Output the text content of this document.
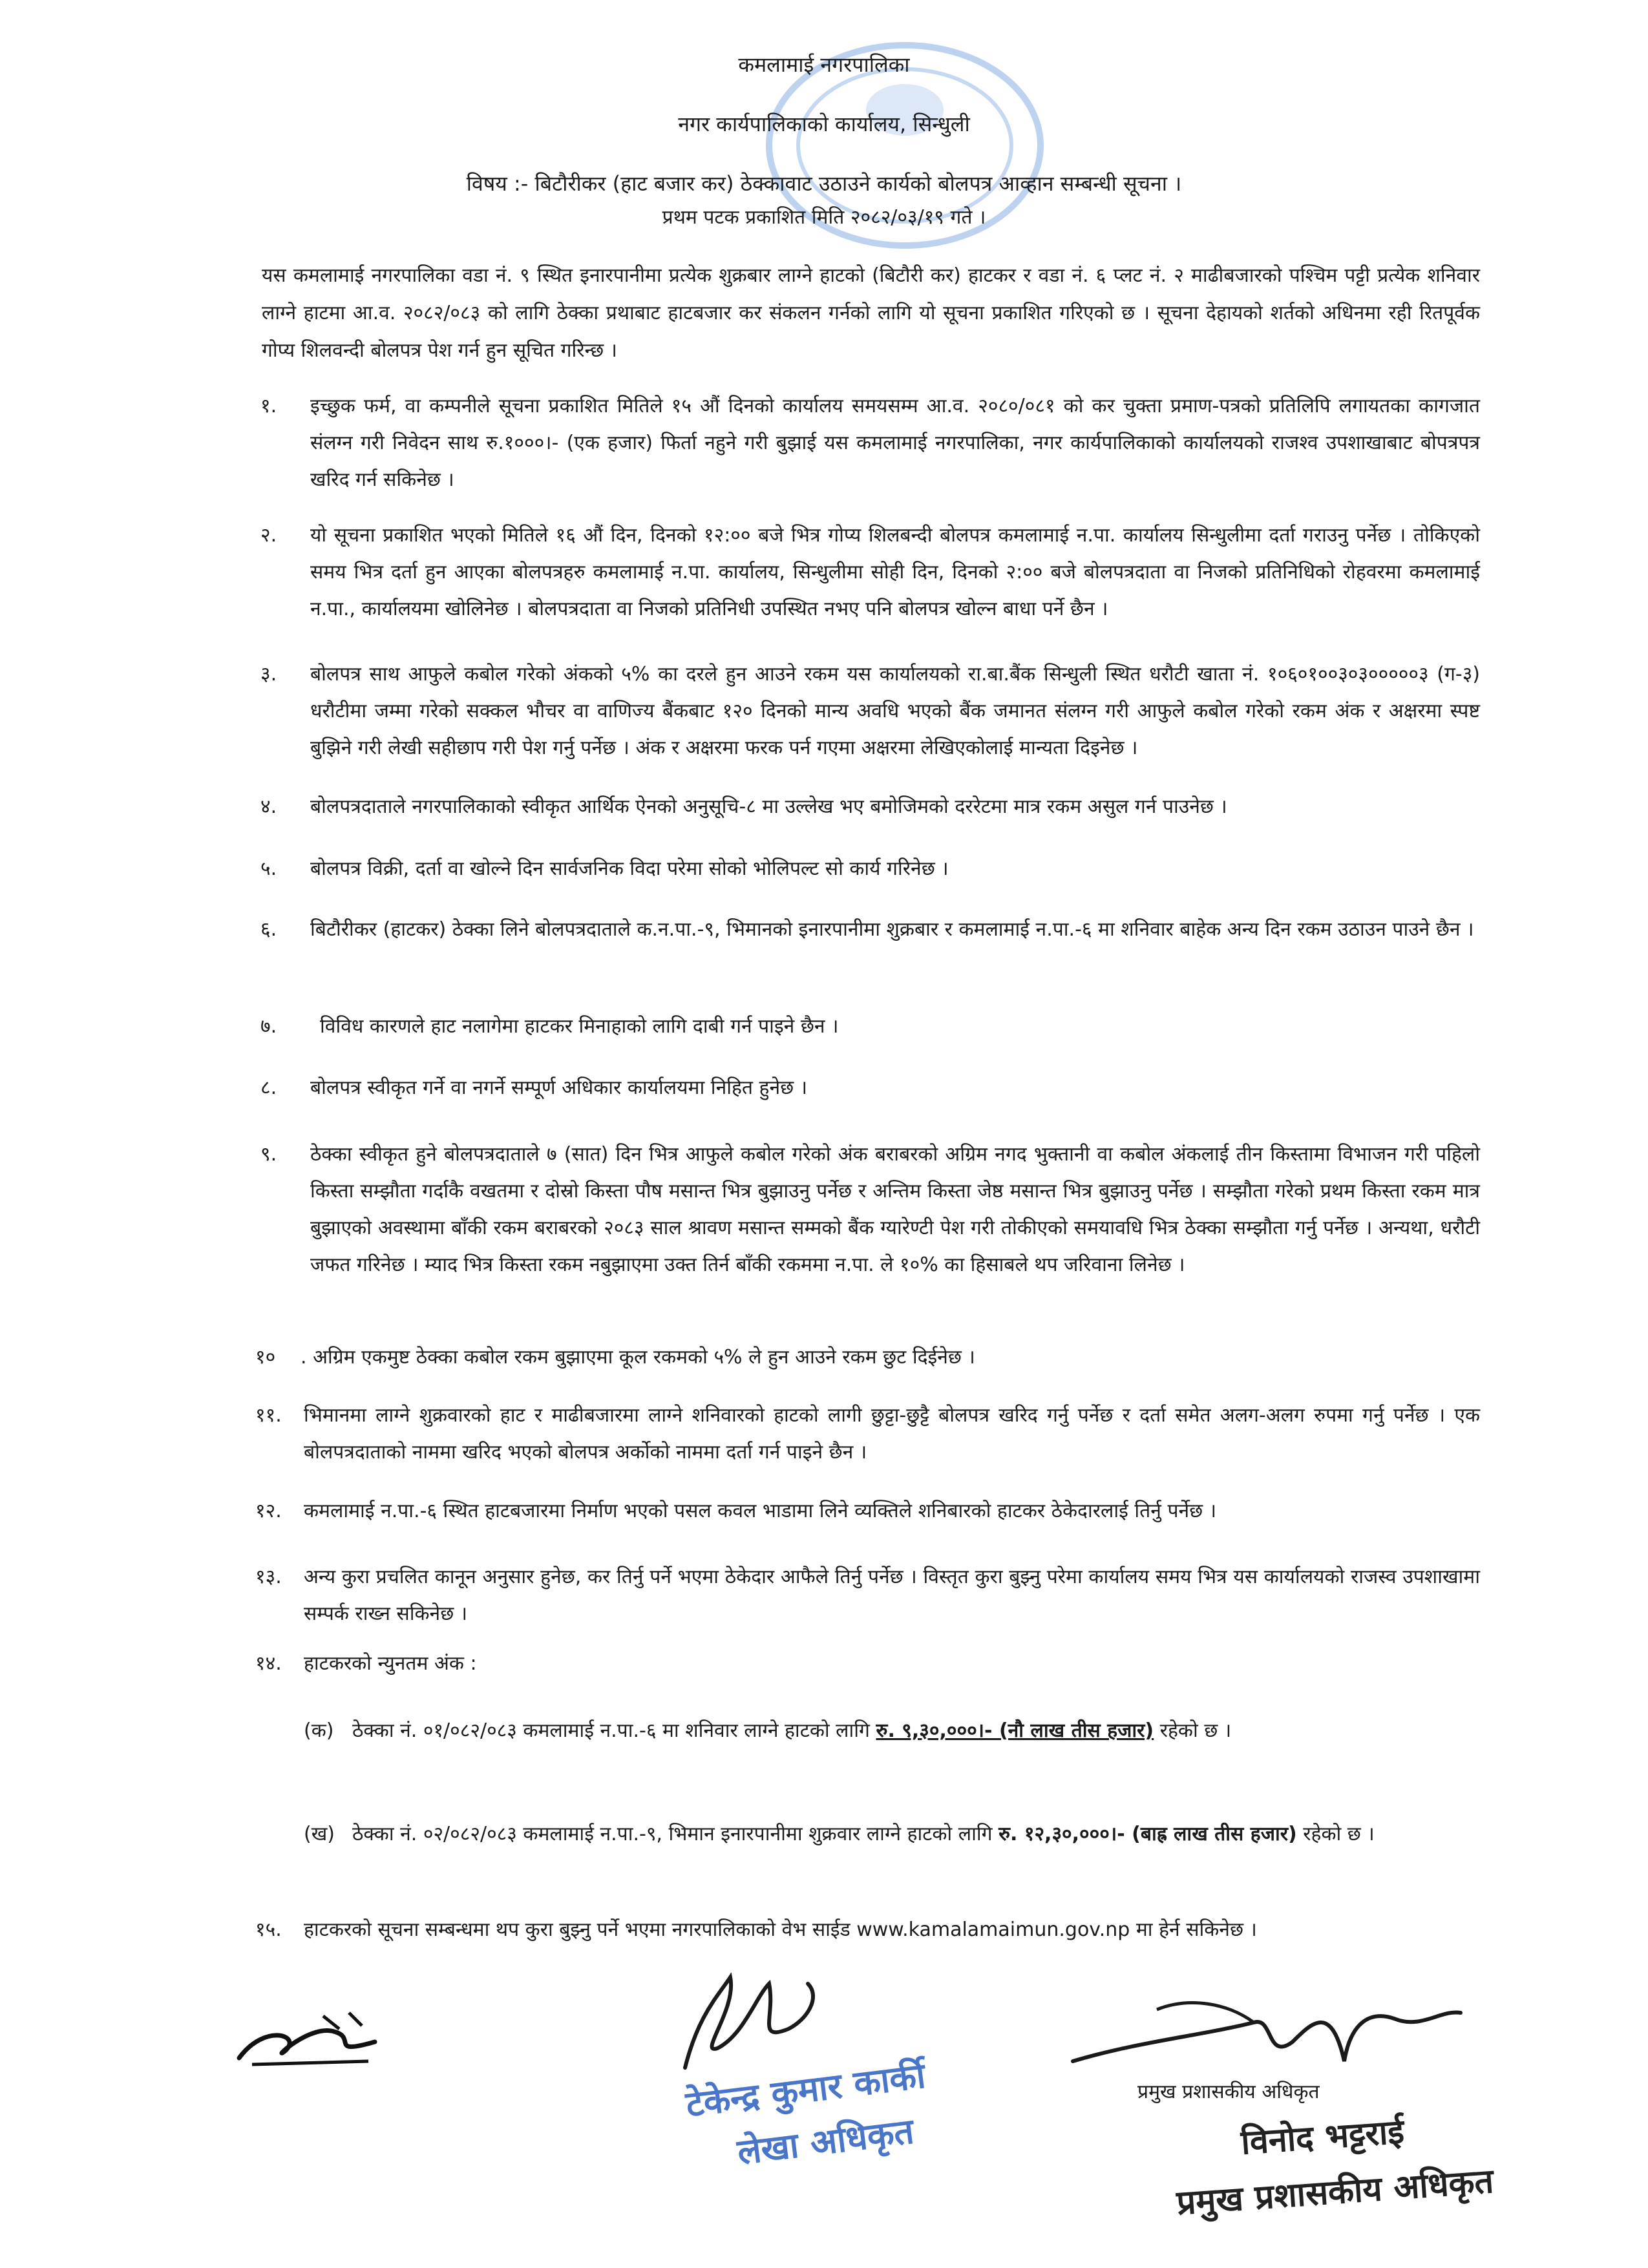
कमलामाई नगरपालिका
नगर कार्यपालिकाको कार्यालय, सिन्धुली
विषय :- बिटौरीकर (हाट बजार कर) ठेक्कावाट उठाउने कार्यको बोलपत्र आव्हान सम्बन्धी सूचना ।
प्रथम पटक प्रकाशित मिति २०८२/०३/१९ गते ।
यस कमलामाई नगरपालिका वडा नं. ९ स्थित इनारपानीमा प्रत्येक शुक्रबार लाग्ने हाटको (बिटौरी कर) हाटकर र वडा नं. ६ प्लट नं. २ माढीबजारको पश्चिम पट्टी प्रत्येक शनिवार लाग्ने हाटमा आ.व. २०८२/०८३ को लागि ठेक्का प्रथाबाट हाटबजार कर संकलन गर्नको लागि यो सूचना प्रकाशित गरिएको छ । सूचना देहायको शर्तको अधिनमा रही रितपूर्वक गोप्य शिलवन्दी बोलपत्र पेश गर्न हुन सूचित गरिन्छ ।
१. इच्छुक फर्म, वा कम्पनीले सूचना प्रकाशित मितिले १५ औं दिनको कार्यालय समयसम्म आ.व. २०८०/०८१ को कर चुक्ता प्रमाण-पत्रको प्रतिलिपि लगायतका कागजात संलग्न गरी निवेदन साथ रु.१०००।- (एक हजार) फिर्ता नहुने गरी बुझाई यस कमलामाई नगरपालिका, नगर कार्यपालिकाको कार्यालयको राजश्व उपशाखाबाट बोपत्रपत्र खरिद गर्न सकिनेछ ।
२. यो सूचना प्रकाशित भएको मितिले १६ औं दिन, दिनको १२:०० बजे भित्र गोप्य शिलबन्दी बोलपत्र कमलामाई न.पा. कार्यालय सिन्धुलीमा दर्ता गराउनु पर्नेछ । तोकिएको समय भित्र दर्ता हुन आएका बोलपत्रहरु कमलामाई न.पा. कार्यालय, सिन्धुलीमा सोही दिन, दिनको २:०० बजे बोलपत्रदाता वा निजको प्रतिनिधिको रोहवरमा कमलामाई न.पा., कार्यालयमा खोलिनेछ । बोलपत्रदाता वा निजको प्रतिनिधी उपस्थित नभए पनि बोलपत्र खोल्न बाधा पर्ने छैन ।
३. बोलपत्र साथ आफुले कबोल गरेको अंकको ५% का दरले हुन आउने रकम यस कार्यालयको रा.बा.बैंक सिन्धुली स्थित धरौटी खाता नं. १०६०१००३०३०००००३ (ग-३) धरौटीमा जम्मा गरेको सक्कल भौचर वा वाणिज्य बैंकबाट १२० दिनको मान्य अवधि भएको बैंक जमानत संलग्न गरी आफुले कबोल गरेको रकम अंक र अक्षरमा स्पष्ट बुझिने गरी लेखी सहीछाप गरी पेश गर्नु पर्नेछ । अंक र अक्षरमा फरक पर्न गएमा अक्षरमा लेखिएकोलाई मान्यता दिइनेछ ।
४. बोलपत्रदाताले नगरपालिकाको स्वीकृत आर्थिक ऐनको अनुसूचि-८ मा उल्लेख भए बमोजिमको दररेटमा मात्र रकम असुल गर्न पाउनेछ ।
५. बोलपत्र विक्री, दर्ता वा खोल्ने दिन सार्वजनिक विदा परेमा सोको भोलिपल्ट सो कार्य गरिनेछ ।
६. बिटौरीकर (हाटकर) ठेक्का लिने बोलपत्रदाताले क.न.पा.-९, भिमानको इनारपानीमा शुक्रबार र कमलामाई न.पा.-६ मा शनिवार बाहेक अन्य दिन रकम उठाउन पाउने छैन ।
७. विविध कारणले हाट नलागेमा हाटकर मिनाहाको लागि दाबी गर्न पाइने छैन ।
८. बोलपत्र स्वीकृत गर्ने वा नगर्ने सम्पूर्ण अधिकार कार्यालयमा निहित हुनेछ ।
९. ठेक्का स्वीकृत हुने बोलपत्रदाताले ७ (सात) दिन भित्र आफुले कबोल गरेको अंक बराबरको अग्रिम नगद भुक्तानी वा कबोल अंकलाई तीन किस्तामा विभाजन गरी पहिलो किस्ता सम्झौता गर्दाकै वखतमा र दोस्रो किस्ता पौष मसान्त भित्र बुझाउनु पर्नेछ र अन्तिम किस्ता जेष्ठ मसान्त भित्र बुझाउनु पर्नेछ । सम्झौता गरेको प्रथम किस्ता रकम मात्र बुझाएको अवस्थामा बाँकी रकम बराबरको २०८३ साल श्रावण मसान्त सम्मको बैंक ग्यारेण्टी पेश गरी तोकीएको समयावधि भित्र ठेक्का सम्झौता गर्नु पर्नेछ । अन्यथा, धरौटी जफत गरिनेछ । म्याद भित्र किस्ता रकम नबुझाएमा उक्त तिर्न बाँकी रकममा न.पा. ले १०% का हिसाबले थप जरिवाना लिनेछ ।
१० . अग्रिम एकमुष्ट ठेक्का कबोल रकम बुझाएमा कूल रकमको ५% ले हुन आउने रकम छुट दिईनेछ ।
११. भिमानमा लाग्ने शुक्रवारको हाट र माढीबजारमा लाग्ने शनिवारको हाटको लागी छुट्टा-छुट्टै बोलपत्र खरिद गर्नु पर्नेछ र दर्ता समेत अलग-अलग रुपमा गर्नु पर्नेछ । एक बोलपत्रदाताको नाममा खरिद भएको बोलपत्र अर्कोको नाममा दर्ता गर्न पाइने छैन ।
१२. कमलामाई न.पा.-६ स्थित हाटबजारमा निर्माण भएको पसल कवल भाडामा लिने व्यक्तिले शनिबारको हाटकर ठेकेदारलाई तिर्नु पर्नेछ ।
१३. अन्य कुरा प्रचलित कानून अनुसार हुनेछ, कर तिर्नु पर्ने भएमा ठेकेदार आफैले तिर्नु पर्नेछ । विस्तृत कुरा बुझ्नु परेमा कार्यालय समय भित्र यस कार्यालयको राजस्व उपशाखामा सम्पर्क राख्न सकिनेछ ।
१४. हाटकरको न्युनतम अंक :
(क) ठेक्का नं. ०१/०८२/०८३ कमलामाई न.पा.-६ मा शनिवार लाग्ने हाटको लागि रु. ९,३०,०००।- (नौ लाख तीस हजार) रहेको छ ।
(ख) ठेक्का नं. ०२/०८२/०८३ कमलामाई न.पा.-९, भिमान इनारपानीमा शुक्रवार लाग्ने हाटको लागि रु. १२,३०,०००।- (बाह्र लाख तीस हजार) रहेको छ ।
१५. हाटकरको सूचना सम्बन्धमा थप कुरा बुझ्नु पर्ने भएमा नगरपालिकाको वेभ साईड www.kamalamaimun.gov.np मा हेर्न सकिनेछ ।
टेकेन्द्र कुमार कार्की
लेखा अधिकृत
प्रमुख प्रशासकीय अधिकृत
विनोद भट्टराई
प्रमुख प्रशासकीय अधिकृत
